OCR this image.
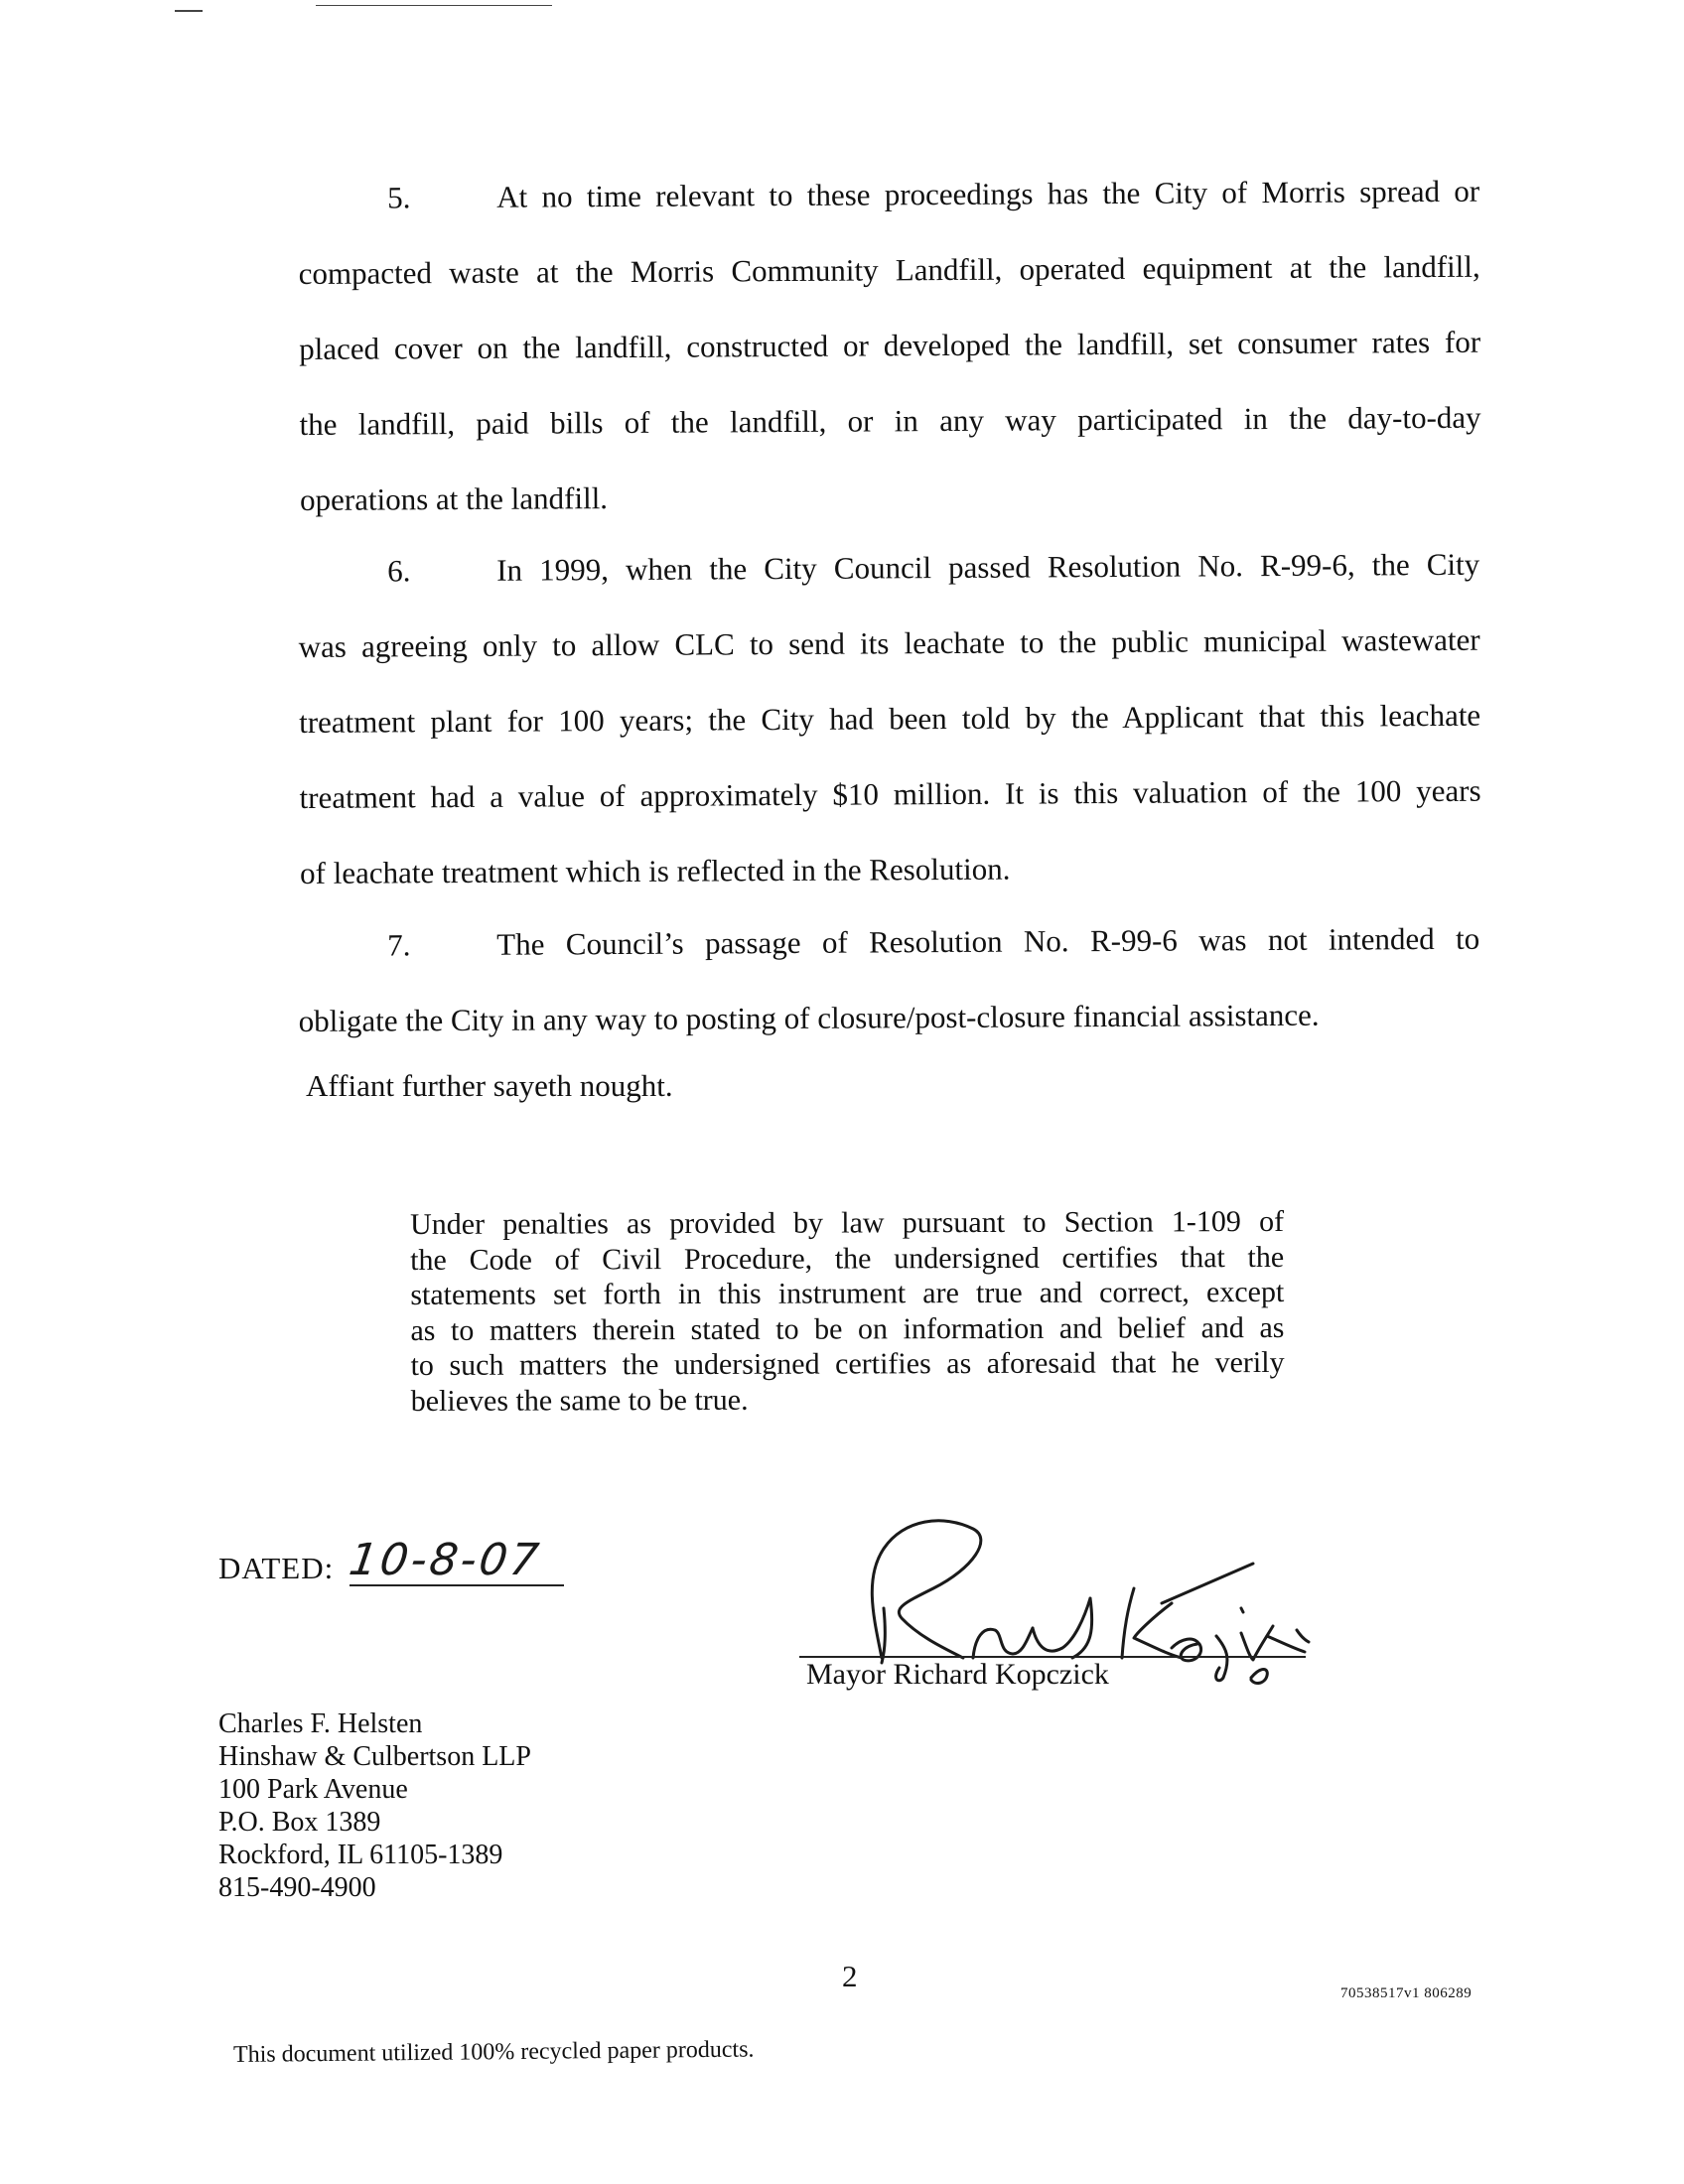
5.	At no time relevant to these proceedings has the City of Morris spread or
compacted waste at the Morris Community Landfill, operated equipment at the landfill,
placed cover on the landfill, constructed or developed the landfill, set consumer rates for
the landfill, paid bills of the landfill, or in any way participated in the day-to-day
operations at the landfill.
6.	In 1999, when the City Council passed Resolution No. R-99-6, the City
was agreeing only to allow CLC to send its leachate to the public municipal wastewater
treatment plant for 100 years; the City had been told by the Applicant that this leachate
treatment had a value of approximately $10 million. It is this valuation of the 100 years
of leachate treatment which is reflected in the Resolution.
7.	The Council’s passage of Resolution No. R-99-6 was not intended to
obligate the City in any way to posting of closure/post-closure financial assistance.
Affiant further sayeth nought.
Under penalties as provided by law pursuant to Section 1-109 of
the Code of Civil Procedure, the undersigned certifies that the
statements set forth in this instrument are true and correct, except
as to matters therein stated to be on information and belief and as
to such matters the undersigned certifies as aforesaid that he verily
believes the same to be true.
DATED: 10-8-07
Mayor Richard Kopczick
Charles F. Helsten
Hinshaw & Culbertson LLP
100 Park Avenue
P.O. Box 1389
Rockford, IL 61105-1389
815-490-4900
2	70538517v1 806289
This document utilized 100% recycled paper products.
